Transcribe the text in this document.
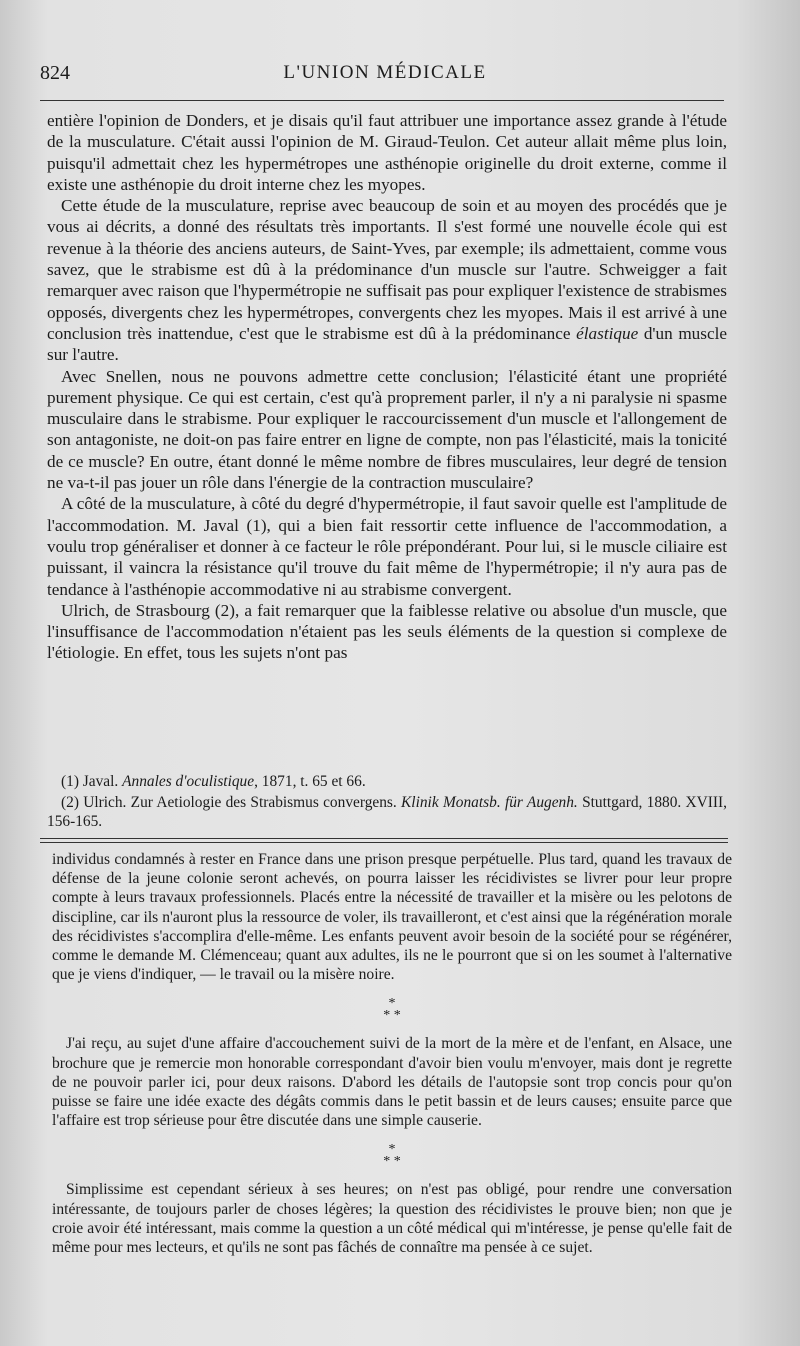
824	L'UNION MÉDICALE

entière l'opinion de Donders, et je disais qu'il faut attribuer une importance assez grande à l'étude de la musculature. C'était aussi l'opinion de M. Giraud-Teulon. Cet auteur allait même plus loin, puisqu'il admettait chez les hypermétropes une asthénopie originelle du droit externe, comme il existe une asthénopie du droit interne chez les myopes.

Cette étude de la musculature, reprise avec beaucoup de soin et au moyen des procédés que je vous ai décrits, a donné des résultats très importants. Il s'est formé une nouvelle école qui est revenue à la théorie des anciens auteurs, de Saint-Yves, par exemple; ils admettaient, comme vous savez, que le strabisme est dû à la prédominance d'un muscle sur l'autre. Schweigger a fait remarquer avec raison que l'hypermétropie ne suffisait pas pour expliquer l'existence de strabismes opposés, divergents chez les hypermétropes, convergents chez les myopes. Mais il est arrivé à une conclusion très inattendue, c'est que le strabisme est dû à la prédominance élastique d'un muscle sur l'autre.

Avec Snellen, nous ne pouvons admettre cette conclusion; l'élasticité étant une propriété purement physique. Ce qui est certain, c'est qu'à proprement parler, il n'y a ni paralysie ni spasme musculaire dans le strabisme. Pour expliquer le raccourcissement d'un muscle et l'allongement de son antagoniste, ne doit-on pas faire entrer en ligne de compte, non pas l'élasticité, mais la tonicité de ce muscle? En outre, étant donné le même nombre de fibres musculaires, leur degré de tension ne va-t-il pas jouer un rôle dans l'énergie de la contraction musculaire?

A côté de la musculature, à côté du degré d'hypermétropie, il faut savoir quelle est l'amplitude de l'accommodation. M. Javal (1), qui a bien fait ressortir cette influence de l'accommodation, a voulu trop généraliser et donner à ce facteur le rôle prépondérant. Pour lui, si le muscle ciliaire est puissant, il vaincra la résistance qu'il trouve du fait même de l'hypermétropie; il n'y aura pas de tendance à l'asthénopie accommodative ni au strabisme convergent.

Ulrich, de Strasbourg (2), a fait remarquer que la faiblesse relative ou absolue d'un muscle, que l'insuffisance de l'accommodation n'étaient pas les seuls éléments de la question si complexe de l'étiologie. En effet, tous les sujets n'ont pas

(1) Javal. Annales d'oculistique, 1871, t. 65 et 66.

(2) Ulrich. Zur Aetiologie des Strabismus convergens. Klinik Monatsb. für Augenh. Stuttgard, 1880. XVIII, 156-165.

individus condamnés à rester en France dans une prison presque perpétuelle. Plus tard, quand les travaux de défense de la jeune colonie seront achevés, on pourra laisser les récidivistes se livrer pour leur propre compte à leurs travaux professionnels. Placés entre la nécessité de travailler et la misère ou les pelotons de discipline, car ils n'auront plus la ressource de voler, ils travailleront, et c'est ainsi que la régénération morale des récidivistes s'accomplira d'elle-même. Les enfants peuvent avoir besoin de la société pour se régénérer, comme le demande M. Clémenceau; quant aux adultes, ils ne le pourront que si on les soumet à l'alternative que je viens d'indiquer, — le travail ou la misère noire.

*
* *

J'ai reçu, au sujet d'une affaire d'accouchement suivi de la mort de la mère et de l'enfant, en Alsace, une brochure que je remercie mon honorable correspondant d'avoir bien voulu m'envoyer, mais dont je regrette de ne pouvoir parler ici, pour deux raisons. D'abord les détails de l'autopsie sont trop concis pour qu'on puisse se faire une idée exacte des dégâts commis dans le petit bassin et de leurs causes; ensuite parce que l'affaire est trop sérieuse pour être discutée dans une simple causerie.

*
* *

Simplissime est cependant sérieux à ses heures; on n'est pas obligé, pour rendre une conversation intéressante, de toujours parler de choses légères; la question des récidivistes le prouve bien; non que je croie avoir été intéressant, mais comme la question a un côté médical qui m'intéresse, je pense qu'elle fait de même pour mes lecteurs, et qu'ils ne sont pas fâchés de connaître ma pensée à ce sujet.
